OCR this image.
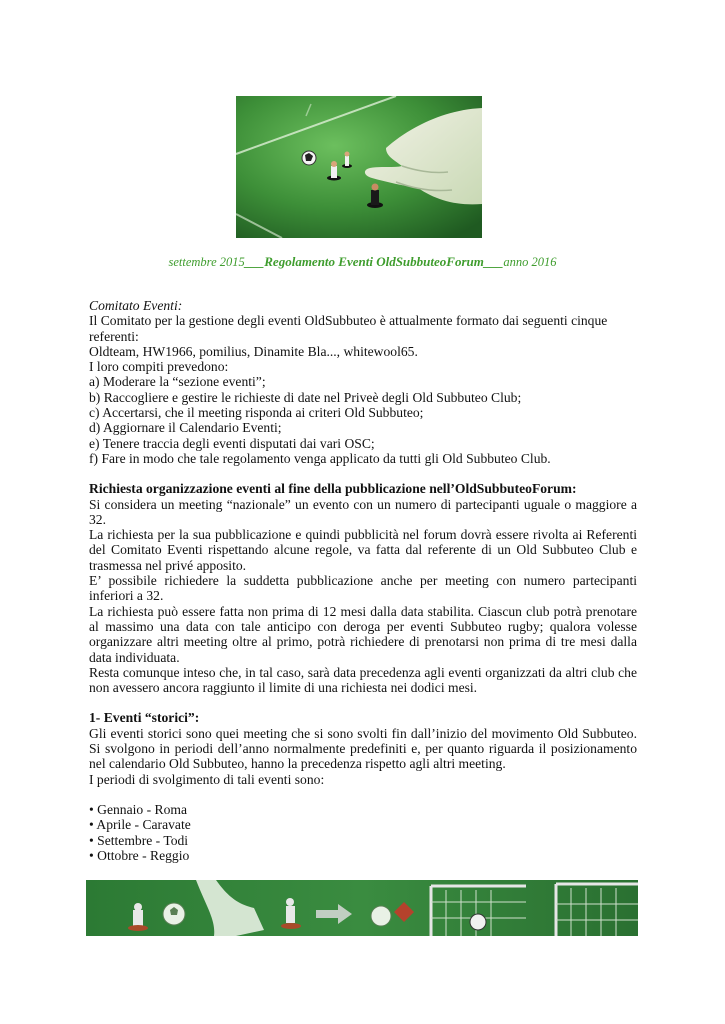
settembre 2015___Regolamento Eventi OldSubbuteoForum___anno 2016

Comitato Eventi:

Il Comitato per la gestione degli eventi OldSubbuteo è attualmente formato dai seguenti cinque referenti:

Oldteam, HW1966, pomilius, Dinamite Bla..., whitewool65.

I loro compiti prevedono:

a) Moderare la “sezione eventi”;

b) Raccogliere e gestire le richieste di date nel Priveè degli Old Subbuteo Club;

c) Accertarsi, che il meeting risponda ai criteri Old Subbuteo;

d) Aggiornare il Calendario Eventi;

e) Tenere traccia degli eventi disputati dai vari OSC;

f) Fare in modo che tale regolamento venga applicato da tutti gli Old Subbuteo Club.

Richiesta organizzazione eventi al fine della pubblicazione nell’OldSubbuteoForum:

Si considera un meeting “nazionale” un evento con un numero di partecipanti uguale o maggiore a 32.

La richiesta per la sua pubblicazione e quindi pubblicità nel forum dovrà essere rivolta ai Referenti del Comitato Eventi rispettando alcune regole, va fatta dal referente di un Old Subbuteo Club e trasmessa nel privé apposito.

E’ possibile richiedere la suddetta pubblicazione anche per meeting con numero partecipanti inferiori a 32.

La richiesta può essere fatta non prima di 12 mesi dalla data stabilita. Ciascun club potrà prenotare al massimo una data con tale anticipo con deroga per eventi Subbuteo rugby; qualora volesse organizzare altri meeting oltre al primo, potrà richiedere di prenotarsi non prima di tre mesi dalla data individuata.

Resta comunque inteso che, in tal caso, sarà data precedenza agli eventi organizzati da altri club che non avessero ancora raggiunto il limite di una richiesta nei dodici mesi.

1- Eventi “storici”:

Gli eventi storici sono quei meeting che si sono svolti fin dall’inizio del movimento Old Subbuteo. Si svolgono in periodi dell’anno normalmente predefiniti e, per quanto riguarda il posizionamento nel calendario Old Subbuteo, hanno la precedenza rispetto agli altri meeting.

I periodi di svolgimento di tali eventi sono:

• Gennaio - Roma

• Aprile - Caravate

• Settembre - Todi

• Ottobre - Reggio
